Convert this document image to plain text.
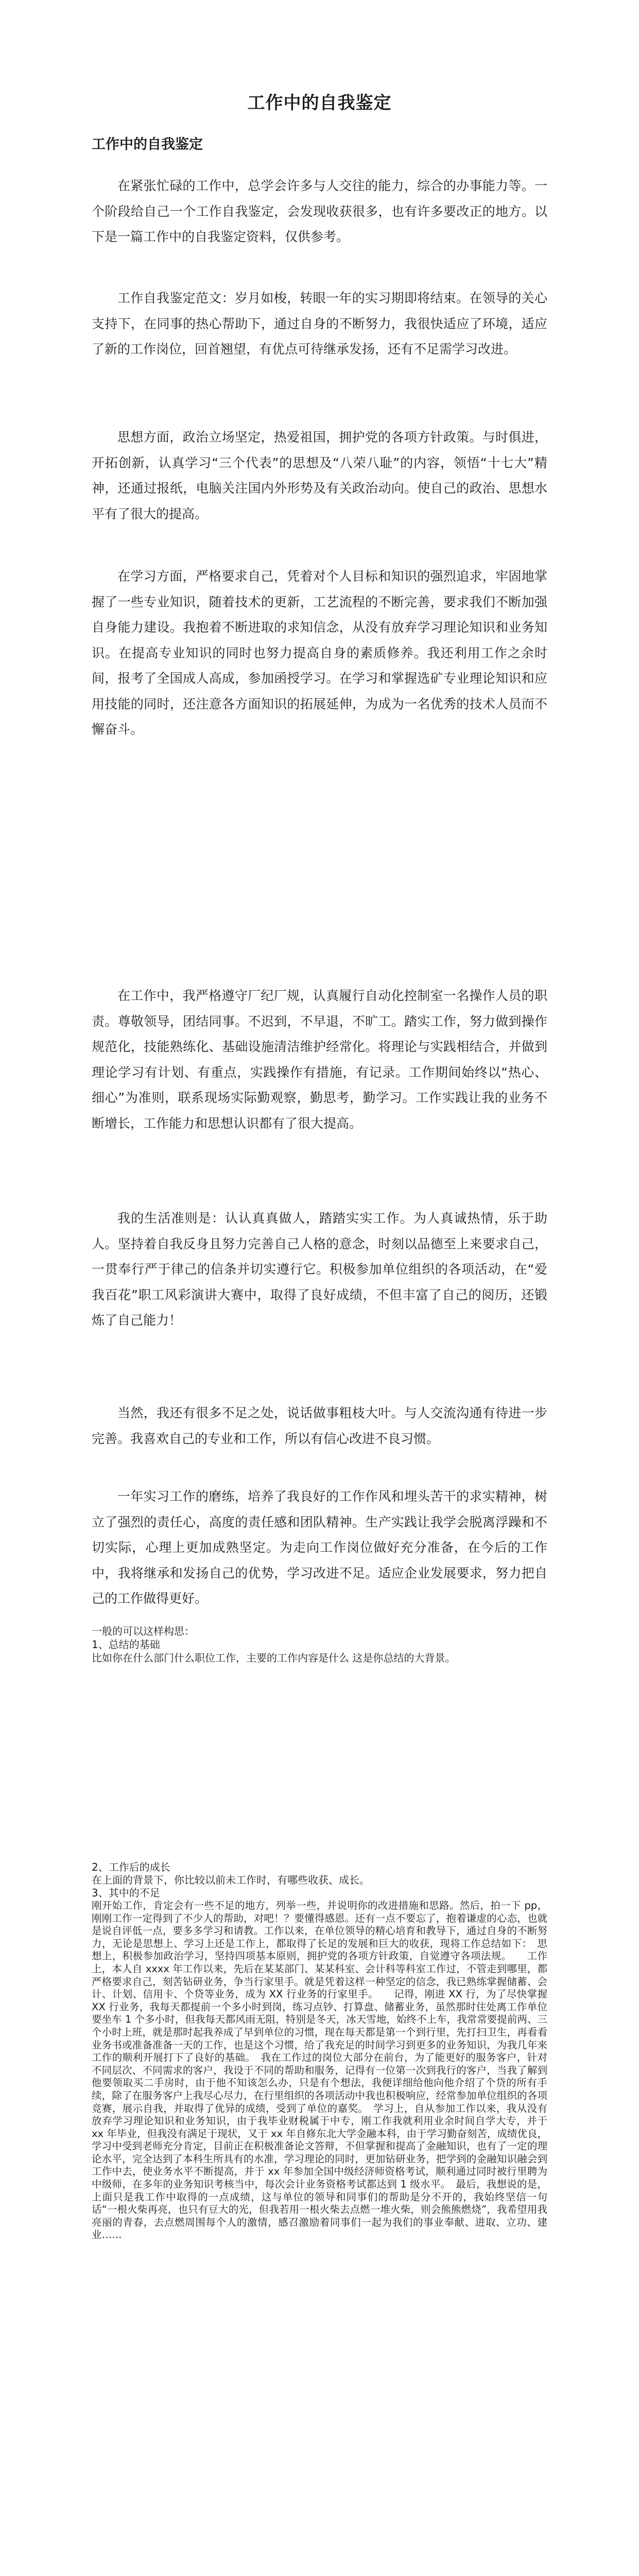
工作中的自我鉴定
工作中的自我鉴定

在紧张忙碌的工作中，总学会许多与人交往的能力，综合的办事能力等。一个阶段给自己一个工作自我鉴定，会发现收获很多，也有许多要改正的地方。以下是一篇工作中的自我鉴定资料，仅供参考。

工作自我鉴定范文：岁月如梭，转眼一年的实习期即将结束。在领导的关心支持下，在同事的热心帮助下，通过自身的不断努力，我很快适应了环境，适应了新的工作岗位，回首翘望，有优点可待继承发扬，还有不足需学习改进。

思想方面，政治立场坚定，热爱祖国，拥护党的各项方针政策。与时俱进，开拓创新，认真学习“三个代表”的思想及“八荣八耻”的内容，领悟“十七大”精神，还通过报纸，电脑关注国内外形势及有关政治动向。使自己的政治、思想水平有了很大的提高。

在学习方面，严格要求自己，凭着对个人目标和知识的强烈追求，牢固地掌握了一些专业知识，随着技术的更新，工艺流程的不断完善，要求我们不断加强自身能力建设。我抱着不断进取的求知信念，从没有放弃学习理论知识和业务知识。在提高专业知识的同时也努力提高自身的素质修养。我还利用工作之余时间，报考了全国成人高成，参加函授学习。在学习和掌握选矿专业理论知识和应用技能的同时，还注意各方面知识的拓展延伸，为成为一名优秀的技术人员而不懈奋斗。

在工作中，我严格遵守厂纪厂规，认真履行自动化控制室一名操作人员的职责。尊敬领导，团结同事。不迟到，不早退，不旷工。踏实工作，努力做到操作规范化，技能熟练化、基础设施清洁维护经常化。将理论与实践相结合，并做到理论学习有计划、有重点，实践操作有措施，有记录。工作期间始终以“热心、细心”为准则，联系现场实际勤观察，勤思考，勤学习。工作实践让我的业务不断增长，工作能力和思想认识都有了很大提高。

我的生活准则是：认认真真做人，踏踏实实工作。为人真诚热情，乐于助人。坚持着自我反身且努力完善自己人格的意念，时刻以品德至上来要求自己，一贯奉行严于律己的信条并切实遵行它。积极参加单位组织的各项活动，在“爱我百花”职工风彩演讲大赛中，取得了良好成绩，不但丰富了自己的阅历，还锻炼了自己能力！

当然，我还有很多不足之处，说话做事粗枝大叶。与人交流沟通有待进一步完善。我喜欢自己的专业和工作，所以有信心改进不良习惯。

一年实习工作的磨练，培养了我良好的工作作风和埋头苦干的求实精神，树立了强烈的责任心，高度的责任感和团队精神。生产实践让我学会脱离浮躁和不切实际，心理上更加成熟坚定。为走向工作岗位做好充分准备，在今后的工作中，我将继承和发扬自己的优势，学习改进不足。适应企业发展要求，努力把自己的工作做得更好。

一般的可以这样构思：

1、总结的基础

比如你在什么部门什么职位工作，主要的工作内容是什么 这是你总结的大背景。

2、工作后的成长

在上面的背景下，你比较以前未工作时，有哪些收获、成长。

3、其中的不足

刚开始工作，肯定会有一些不足的地方，列举一些，并说明你的改进措施和思路。然后，拍一下 pp，刚刚工作一定得到了不少人的帮助，对吧！？要懂得感恩。还有一点不要忘了，抱着谦虚的心态，也就是说自评低一点，要多多学习和请教。工作以来，在单位领导的精心培育和教导下，通过自身的不断努力，无论是思想上、学习上还是工作上，都取得了长足的发展和巨大的收获，现将工作总结如下：　思想上，积极参加政治学习，坚持四项基本原则，拥护党的各项方针政策，自觉遵守各项法规。　　工作上，本人自 xxxx 年工作以来，先后在某某部门、某某科室、会计科等科室工作过，不管走到哪里，都严格要求自己，刻苦钻研业务，争当行家里手。就是凭着这样一种坚定的信念，我已熟练掌握储蓄、会计、计划、信用卡、个贷等业务，成为 XX 行业务的行家里手。　　记得，刚进 XX 行，为了尽快掌握 XX 行业务，我每天都提前一个多小时到岗，练习点钞、打算盘、储蓄业务，虽然那时住处离工作单位要坐车 1 个多小时，但我每天都风雨无阻，特别是冬天，冰天雪地，始终不上车，我常常要提前两、三个小时上班，就是那时起我养成了早到单位的习惯，现在每天都是第一个到行里，先打扫卫生，再看看业务书或准备准备一天的工作，也是这个习惯，给了我充足的时间学习到更多的业务知识，为我几年来工作的顺利开展打下了良好的基础。　我在工作过的岗位大部分在前台，为了能更好的服务客户，针对不同层次、不同需求的客户，我设于不同的帮助和服务，记得有一位第一次到我行的客户，当我了解到他要领取买二手房时，由于他不知该怎么办，只是有个想法，我便详细给他向他介绍了个贷的所有手续，除了在服务客户上我尽心尽力，在行里组织的各项活动中我也积极响应，经常参加单位组织的各项竞赛，展示自我，并取得了优异的成绩，受到了单位的嘉奖。　学习上，自从参加工作以来，我从没有放弃学习理论知识和业务知识，由于我毕业财税属于中专，刚工作我就利用业余时间自学大专，并于 xx 年毕业，但我没有满足于现状，又于 xx 年自修东北大学金融本科，由于学习勤奋刻苦，成绩优良，学习中受到老师充分肯定，目前正在积极准备论文答辩，不但掌握和提高了金融知识，也有了一定的理论水平，完全达到了本科生所具有的水准，学习理论的同时，更加钻研业务，把学到的金融知识融会到工作中去，使业务水平不断提高，并于 xx 年参加全国中级经济师资格考试，顺利通过同时被行里聘为中级师，在多年的业务知识考核当中，每次会计业务资格考试都达到 1 级水平。　最后，我想说的是，上面只是我工作中取得的一点成绩，这与单位的领导和同事们的帮助是分不开的，我始终坚信一句话“一根火柴再亮，也只有豆大的光，但我若用一根火柴去点燃一堆火柴，则会熊熊燃烧”，我希望用我亮丽的青春，去点燃周围每个人的激情，感召激励着同事们一起为我们的事业奉献、进取、立功、建业……
